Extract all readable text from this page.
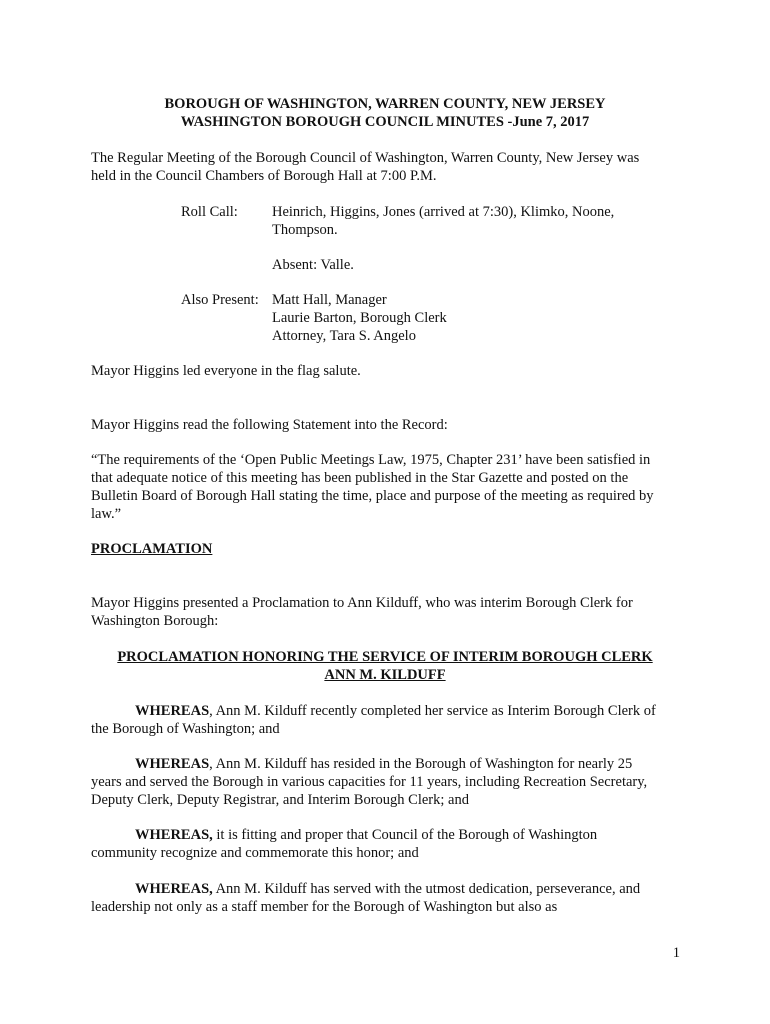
BOROUGH OF WASHINGTON, WARREN COUNTY, NEW JERSEY
WASHINGTON BOROUGH COUNCIL MINUTES -June 7, 2017
The Regular Meeting of the Borough Council of Washington, Warren County, New Jersey was
held in the Council Chambers of Borough Hall at 7:00 P.M.
Roll Call: Heinrich, Higgins, Jones (arrived at 7:30), Klimko, Noone,
Thompson.
Absent: Valle.
Also Present: Matt Hall, Manager
Laurie Barton, Borough Clerk
Attorney, Tara S. Angelo
Mayor Higgins led everyone in the flag salute.
Mayor Higgins read the following Statement into the Record:
“The requirements of the ‘Open Public Meetings Law, 1975, Chapter 231’ have been satisfied in
that adequate notice of this meeting has been published in the Star Gazette and posted on the
Bulletin Board of Borough Hall stating the time, place and purpose of the meeting as required by
law.”
PROCLAMATION
Mayor Higgins presented a Proclamation to Ann Kilduff, who was interim Borough Clerk for
Washington Borough:
PROCLAMATION HONORING THE SERVICE OF INTERIM BOROUGH CLERK
ANN M. KILDUFF
WHEREAS, Ann M. Kilduff recently completed her service as Interim Borough Clerk of
the Borough of Washington; and
WHEREAS, Ann M. Kilduff has resided in the Borough of Washington for nearly 25
years and served the Borough in various capacities for 11 years, including Recreation Secretary,
Deputy Clerk, Deputy Registrar, and Interim Borough Clerk; and
WHEREAS, it is fitting and proper that Council of the Borough of Washington
community recognize and commemorate this honor; and
WHEREAS, Ann M. Kilduff has served with the utmost dedication, perseverance, and
leadership not only as a staff member for the Borough of Washington but also as
1
